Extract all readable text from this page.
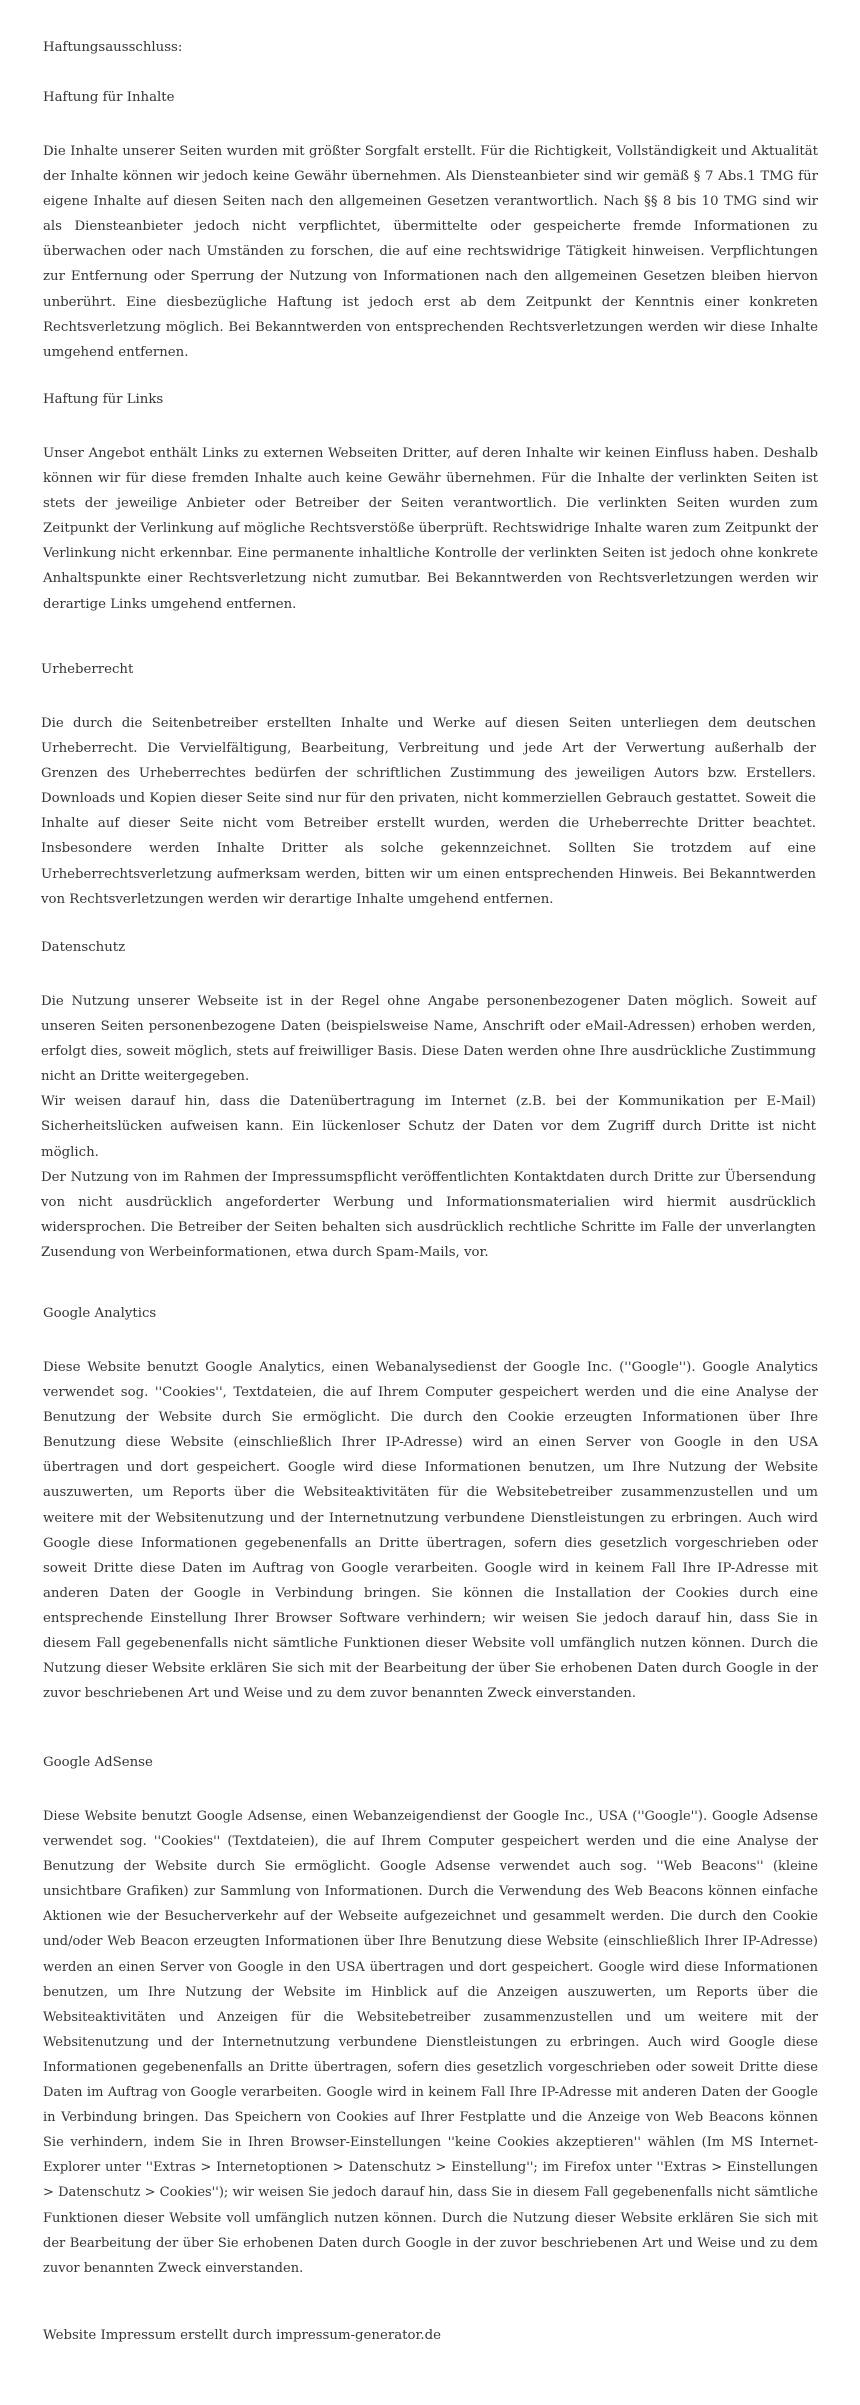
Haftungsausschluss:
Haftung für Inhalte

Die Inhalte unserer Seiten wurden mit größter Sorgfalt erstellt. Für die Richtigkeit, Vollständigkeit und Aktualität der Inhalte können wir jedoch keine Gewähr übernehmen. Als Diensteanbieter sind wir gemäß § 7 Abs.1 TMG für eigene Inhalte auf diesen Seiten nach den allgemeinen Gesetzen verantwortlich. Nach §§ 8 bis 10 TMG sind wir als Diensteanbieter jedoch nicht verpflichtet, übermittelte oder gespeicherte fremde Informationen zu überwachen oder nach Umständen zu forschen, die auf eine rechtswidrige Tätigkeit hinweisen. Verpflichtungen zur Entfernung oder Sperrung der Nutzung von Informationen nach den allgemeinen Gesetzen bleiben hiervon unberührt. Eine diesbezügliche Haftung ist jedoch erst ab dem Zeitpunkt der Kenntnis einer konkreten Rechtsverletzung möglich. Bei Bekanntwerden von entsprechenden Rechtsverletzungen werden wir diese Inhalte umgehend entfernen.

Haftung für Links

Unser Angebot enthält Links zu externen Webseiten Dritter, auf deren Inhalte wir keinen Einfluss haben. Deshalb können wir für diese fremden Inhalte auch keine Gewähr übernehmen. Für die Inhalte der verlinkten Seiten ist stets der jeweilige Anbieter oder Betreiber der Seiten verantwortlich. Die verlinkten Seiten wurden zum Zeitpunkt der Verlinkung auf mögliche Rechtsverstöße überprüft. Rechtswidrige Inhalte waren zum Zeitpunkt der Verlinkung nicht erkennbar. Eine permanente inhaltliche Kontrolle der verlinkten Seiten ist jedoch ohne konkrete Anhaltspunkte einer Rechtsverletzung nicht zumutbar. Bei Bekanntwerden von Rechtsverletzungen werden wir derartige Links umgehend entfernen.

Urheberrecht

Die durch die Seitenbetreiber erstellten Inhalte und Werke auf diesen Seiten unterliegen dem deutschen Urheberrecht. Die Vervielfältigung, Bearbeitung, Verbreitung und jede Art der Verwertung außerhalb der Grenzen des Urheberrechtes bedürfen der schriftlichen Zustimmung des jeweiligen Autors bzw. Erstellers. Downloads und Kopien dieser Seite sind nur für den privaten, nicht kommerziellen Gebrauch gestattet. Soweit die Inhalte auf dieser Seite nicht vom Betreiber erstellt wurden, werden die Urheberrechte Dritter beachtet. Insbesondere werden Inhalte Dritter als solche gekennzeichnet. Sollten Sie trotzdem auf eine Urheberrechtsverletzung aufmerksam werden, bitten wir um einen entsprechenden Hinweis. Bei Bekanntwerden von Rechtsverletzungen werden wir derartige Inhalte umgehend entfernen.

Datenschutz

Die Nutzung unserer Webseite ist in der Regel ohne Angabe personenbezogener Daten möglich. Soweit auf unseren Seiten personenbezogene Daten (beispielsweise Name, Anschrift oder eMail-Adressen) erhoben werden, erfolgt dies, soweit möglich, stets auf freiwilliger Basis. Diese Daten werden ohne Ihre ausdrückliche Zustimmung nicht an Dritte weitergegeben.

Wir weisen darauf hin, dass die Datenübertragung im Internet (z.B. bei der Kommunikation per E-Mail) Sicherheitslücken aufweisen kann. Ein lückenloser Schutz der Daten vor dem Zugriff durch Dritte ist nicht möglich.

Der Nutzung von im Rahmen der Impressumspflicht veröffentlichten Kontaktdaten durch Dritte zur Übersendung von nicht ausdrücklich angeforderter Werbung und Informationsmaterialien wird hiermit ausdrücklich widersprochen. Die Betreiber der Seiten behalten sich ausdrücklich rechtliche Schritte im Falle der unverlangten Zusendung von Werbeinformationen, etwa durch Spam-Mails, vor.

Google Analytics

Diese Website benutzt Google Analytics, einen Webanalysedienst der Google Inc. (''Google''). Google Analytics verwendet sog. ''Cookies'', Textdateien, die auf Ihrem Computer gespeichert werden und die eine Analyse der Benutzung der Website durch Sie ermöglicht. Die durch den Cookie erzeugten Informationen über Ihre Benutzung diese Website (einschließlich Ihrer IP-Adresse) wird an einen Server von Google in den USA übertragen und dort gespeichert. Google wird diese Informationen benutzen, um Ihre Nutzung der Website auszuwerten, um Reports über die Websiteaktivitäten für die Websitebetreiber zusammenzustellen und um weitere mit der Websitenutzung und der Internetnutzung verbundene Dienstleistungen zu erbringen. Auch wird Google diese Informationen gegebenenfalls an Dritte übertragen, sofern dies gesetzlich vorgeschrieben oder soweit Dritte diese Daten im Auftrag von Google verarbeiten. Google wird in keinem Fall Ihre IP-Adresse mit anderen Daten der Google in Verbindung bringen. Sie können die Installation der Cookies durch eine entsprechende Einstellung Ihrer Browser Software verhindern; wir weisen Sie jedoch darauf hin, dass Sie in diesem Fall gegebenenfalls nicht sämtliche Funktionen dieser Website voll umfänglich nutzen können. Durch die Nutzung dieser Website erklären Sie sich mit der Bearbeitung der über Sie erhobenen Daten durch Google in der zuvor beschriebenen Art und Weise und zu dem zuvor benannten Zweck einverstanden.

Google AdSense

Diese Website benutzt Google Adsense, einen Webanzeigendienst der Google Inc., USA (''Google''). Google Adsense verwendet sog. ''Cookies'' (Textdateien), die auf Ihrem Computer gespeichert werden und die eine Analyse der Benutzung der Website durch Sie ermöglicht. Google Adsense verwendet auch sog. ''Web Beacons'' (kleine unsichtbare Grafiken) zur Sammlung von Informationen. Durch die Verwendung des Web Beacons können einfache Aktionen wie der Besucherverkehr auf der Webseite aufgezeichnet und gesammelt werden. Die durch den Cookie und/oder Web Beacon erzeugten Informationen über Ihre Benutzung diese Website (einschließlich Ihrer IP-Adresse) werden an einen Server von Google in den USA übertragen und dort gespeichert. Google wird diese Informationen benutzen, um Ihre Nutzung der Website im Hinblick auf die Anzeigen auszuwerten, um Reports über die Websiteaktivitäten und Anzeigen für die Websitebetreiber zusammenzustellen und um weitere mit der Websitenutzung und der Internetnutzung verbundene Dienstleistungen zu erbringen. Auch wird Google diese Informationen gegebenenfalls an Dritte übertragen, sofern dies gesetzlich vorgeschrieben oder soweit Dritte diese Daten im Auftrag von Google verarbeiten. Google wird in keinem Fall Ihre IP-Adresse mit anderen Daten der Google in Verbindung bringen. Das Speichern von Cookies auf Ihrer Festplatte und die Anzeige von Web Beacons können Sie verhindern, indem Sie in Ihren Browser-Einstellungen ''keine Cookies akzeptieren'' wählen (Im MS Internet-Explorer unter ''Extras > Internetoptionen > Datenschutz > Einstellung''; im Firefox unter ''Extras > Einstellungen > Datenschutz > Cookies''); wir weisen Sie jedoch darauf hin, dass Sie in diesem Fall gegebenenfalls nicht sämtliche Funktionen dieser Website voll umfänglich nutzen können. Durch die Nutzung dieser Website erklären Sie sich mit der Bearbeitung der über Sie erhobenen Daten durch Google in der zuvor beschriebenen Art und Weise und zu dem zuvor benannten Zweck einverstanden.

Website Impressum erstellt durch impressum-generator.de
